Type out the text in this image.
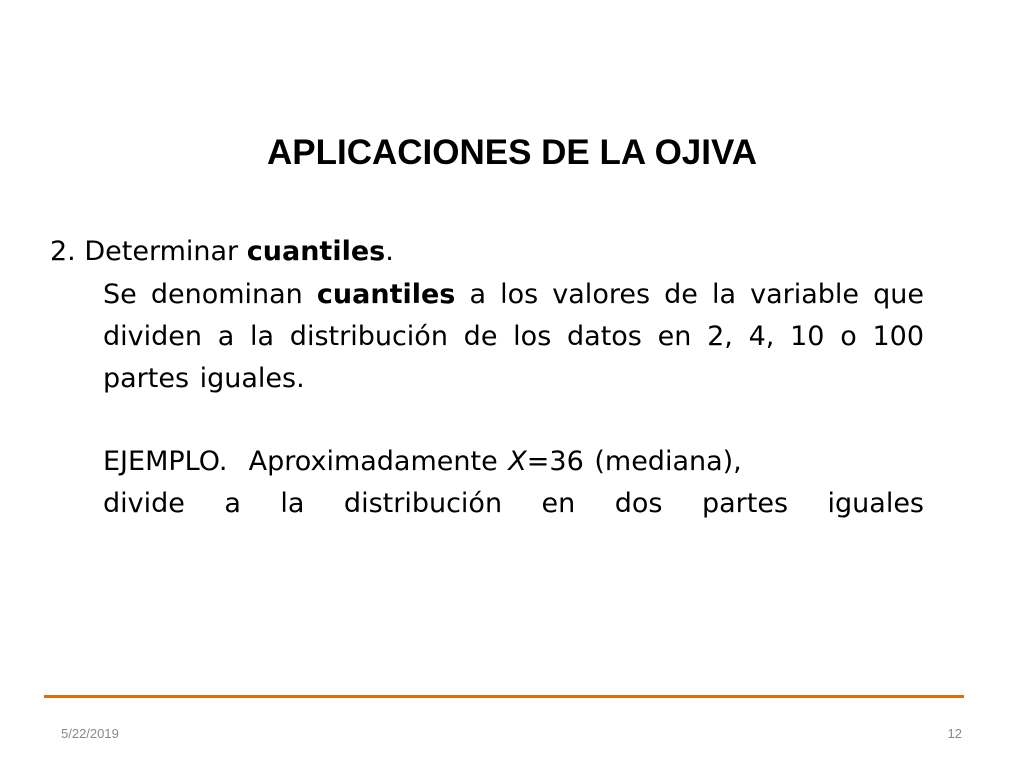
APLICACIONES DE LA OJIVA
2. Determinar cuantiles.
Se denominan cuantiles a los valores de la variable que dividen a la distribución de los datos en 2, 4, 10 o 100 partes iguales.
EJEMPLO. Aproximadamente X=36 (mediana),
divide a la distribución en dos partes iguales
5/22/2019	12
